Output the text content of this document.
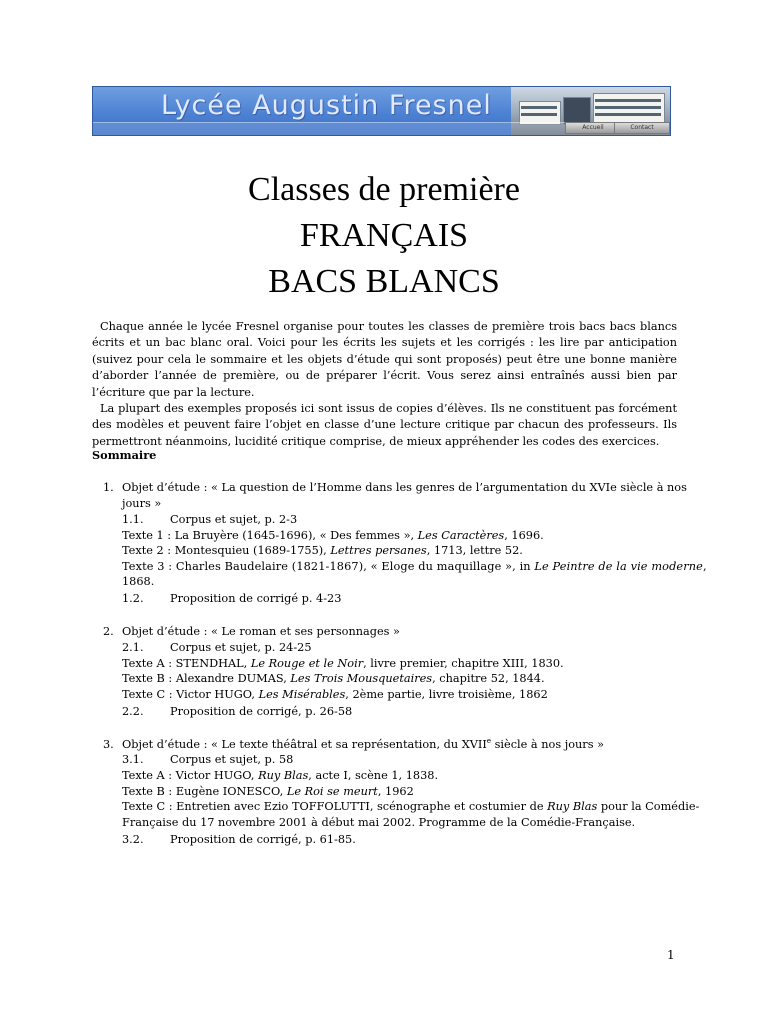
Lycée Augustin Fresnel
Accueil	Contact
Classes de première
FRANÇAIS
BACS BLANCS

Chaque année le lycée Fresnel organise pour toutes les classes de première trois bacs bacs blancs écrits et un bac blanc oral. Voici pour les écrits les sujets et les corrigés : les lire par anticipation (suivez pour cela le sommaire et les objets d’étude qui sont proposés) peut être une bonne manière d’aborder l’année de première, ou de préparer l’écrit. Vous serez ainsi entraînés aussi bien par l’écriture que par la lecture.

La plupart des exemples proposés ici sont issus de copies d’élèves. Ils ne constituent pas forcément des modèles et peuvent faire l’objet en classe d’une lecture critique par chacun des professeurs. Ils permettront néanmoins, lucidité critique comprise, de mieux appréhender les codes des exercices.

Sommaire
1. Objet d’étude : « La question de l’Homme dans les genres de l’argumentation du XVIe siècle à nos
jours »
1.1. Corpus et sujet, p. 2-3
Texte 1 : La Bruyère (1645-1696), « Des femmes », Les Caractères, 1696.
Texte 2 : Montesquieu (1689-1755), Lettres persanes, 1713, lettre 52.
Texte 3 : Charles Baudelaire (1821-1867), « Eloge du maquillage », in Le Peintre de la vie moderne,
1868.
1.2. Proposition de corrigé p. 4-23
2. Objet d’étude : « Le roman et ses personnages »
2.1. Corpus et sujet, p. 24-25
Texte A : STENDHAL, Le Rouge et le Noir, livre premier, chapitre XIII, 1830.
Texte B : Alexandre DUMAS, Les Trois Mousquetaires, chapitre 52, 1844.
Texte C : Victor HUGO, Les Misérables, 2ème partie, livre troisième, 1862
2.2. Proposition de corrigé, p. 26-58
3. Objet d’étude : « Le texte théâtral et sa représentation, du XVIIe siècle à nos jours »
3.1. Corpus et sujet, p. 58
Texte A : Victor HUGO, Ruy Blas, acte I, scène 1, 1838.
Texte B : Eugène IONESCO, Le Roi se meurt, 1962
Texte C : Entretien avec Ezio TOFFOLUTTI, scénographe et costumier de Ruy Blas pour la Comédie-
Française du 17 novembre 2001 à début mai 2002. Programme de la Comédie-Française.
3.2. Proposition de corrigé, p. 61-85.
1
